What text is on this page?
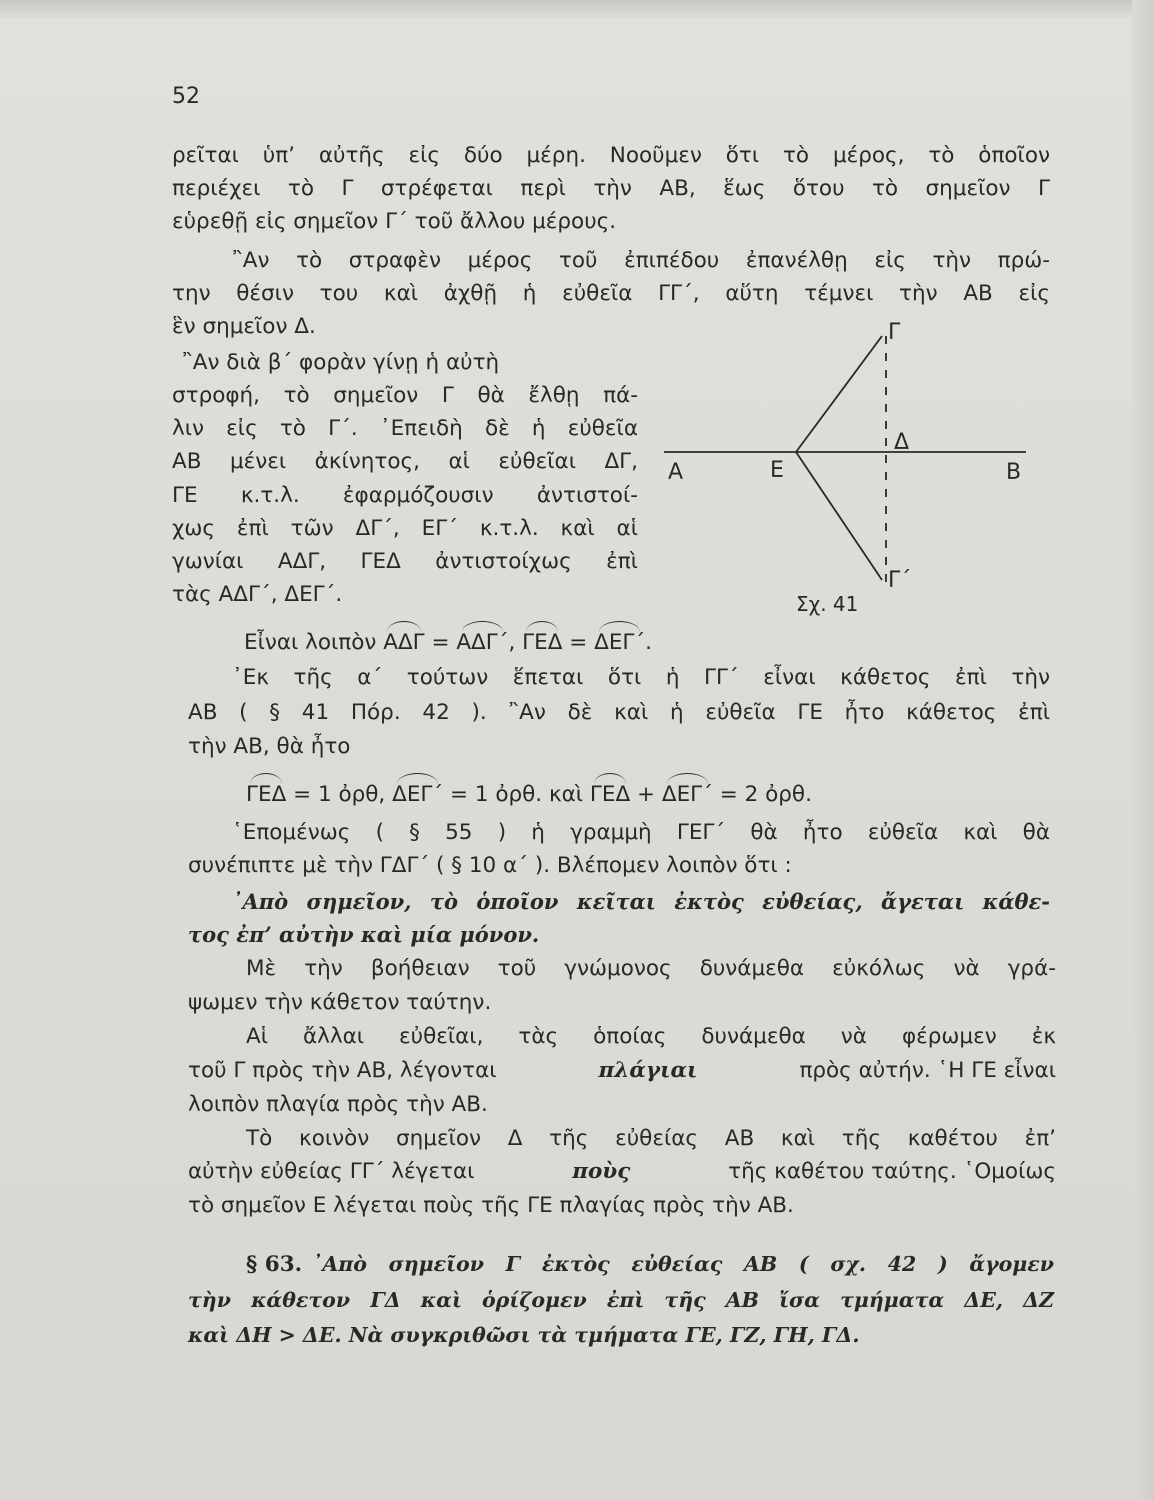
52
ρεῖται ὑπ’ αὐτῆς εἰς δύο μέρη. Νοοῦμεν ὅτι τὸ μέρος, τὸ ὁποῖον
περιέχει τὸ Γ στρέφεται περὶ τὴν ΑΒ, ἕως ὅτου τὸ σημεῖον Γ
εὑρεθῇ εἰς σημεῖον Γ΄ τοῦ ἄλλου μέρους.
῍Αν τὸ στραφὲν μέρος τοῦ ἐπιπέδου ἐπανέλθῃ εἰς τὴν πρώ-
την θέσιν του καὶ ἀχθῇ ἡ εὐθεῖα ΓΓ΄, αὕτη τέμνει τὴν ΑΒ εἰς
ἓν σημεῖον Δ.
῍Αν διὰ β΄ φορὰν γίνῃ ἡ αὐτὴ
στροφή, τὸ σημεῖον Γ θὰ ἔλθῃ πά-
λιν εἰς τὸ Γ΄. ᾽Επειδὴ δὲ ἡ εὐθεῖα
ΑΒ μένει ἀκίνητος, αἱ εὐθεῖαι ΔΓ,
ΓΕ κ.τ.λ. ἐφαρμόζουσιν ἀντιστοί-
χως ἐπὶ τῶν ΔΓ΄, ΕΓ΄ κ.τ.λ. καὶ αἱ
γωνίαι ΑΔΓ, ΓΕΔ ἀντιστοίχως ἐπὶ
τὰς ΑΔΓ΄, ΔΕΓ΄.
Α	Ε
Δ
Β
Γ
Γ΄
Σχ. 41
Εἶναι λοιπὸν ΑΔΓ = ΑΔΓ΄, ΓΕΔ = ΔΕΓ΄.
᾽Εκ τῆς α΄ τούτων ἕπεται ὅτι ἡ ΓΓ΄ εἶναι κάθετος ἐπὶ τὴν
ΑΒ ( § 41 Πόρ. 42 ). ῍Αν δὲ καὶ ἡ εὐθεῖα ΓΕ ἦτο κάθετος ἐπὶ
τὴν ΑΒ, θὰ ἦτο
ΓΕΔ = 1 ὀρθ, ΔΕΓ΄ = 1 ὀρθ. καὶ ΓΕΔ + ΔΕΓ΄ = 2 ὀρθ.
῾Επομένως ( § 55 ) ἡ γραμμὴ ΓΕΓ΄ θὰ ἦτο εὐθεῖα καὶ θὰ
συνέπιπτε μὲ τὴν ΓΔΓ΄ ( § 10 α΄ ). Βλέπομεν λοιπὸν ὅτι :
᾽Απὸ σημεῖον, τὸ ὁποῖον κεῖται ἐκτὸς εὐθείας, ἄγεται κάθε-
τος ἐπ’ αὐτὴν καὶ μία μόνον.
Μὲ τὴν βοήθειαν τοῦ γνώμονος δυνάμεθα εὐκόλως νὰ γρά-
ψωμεν τὴν κάθετον ταύτην.
Αἱ ἄλλαι εὐθεῖαι, τὰς ὁποίας δυνάμεθα νὰ φέρωμεν ἐκ
τοῦ Γ πρὸς τὴν ΑΒ, λέγονται	πλάγιαι	πρὸς αὐτήν. ῾Η ΓΕ εἶναι
λοιπὸν πλαγία πρὸς τὴν ΑΒ.
Τὸ κοινὸν σημεῖον Δ τῆς εὐθείας ΑΒ καὶ τῆς καθέτου ἐπ’
αὐτὴν εὐθείας ΓΓ΄ λέγεται	ποὺς	τῆς καθέτου ταύτης. ῾Ομοίως
τὸ σημεῖον Ε λέγεται ποὺς τῆς ΓΕ πλαγίας πρὸς τὴν ΑΒ.
§ 63. ᾽Απὸ σημεῖον Γ ἐκτὸς εὐθείας ΑΒ ( σχ. 42 ) ἄγομεν
τὴν κάθετον ΓΔ καὶ ὁρίζομεν ἐπὶ τῆς ΑΒ ἴσα τμήματα ΔΕ, ΔΖ
καὶ ΔΗ > ΔΕ. Νὰ συγκριθῶσι τὰ τμήματα ΓΕ, ΓΖ, ΓΗ, ΓΔ.
